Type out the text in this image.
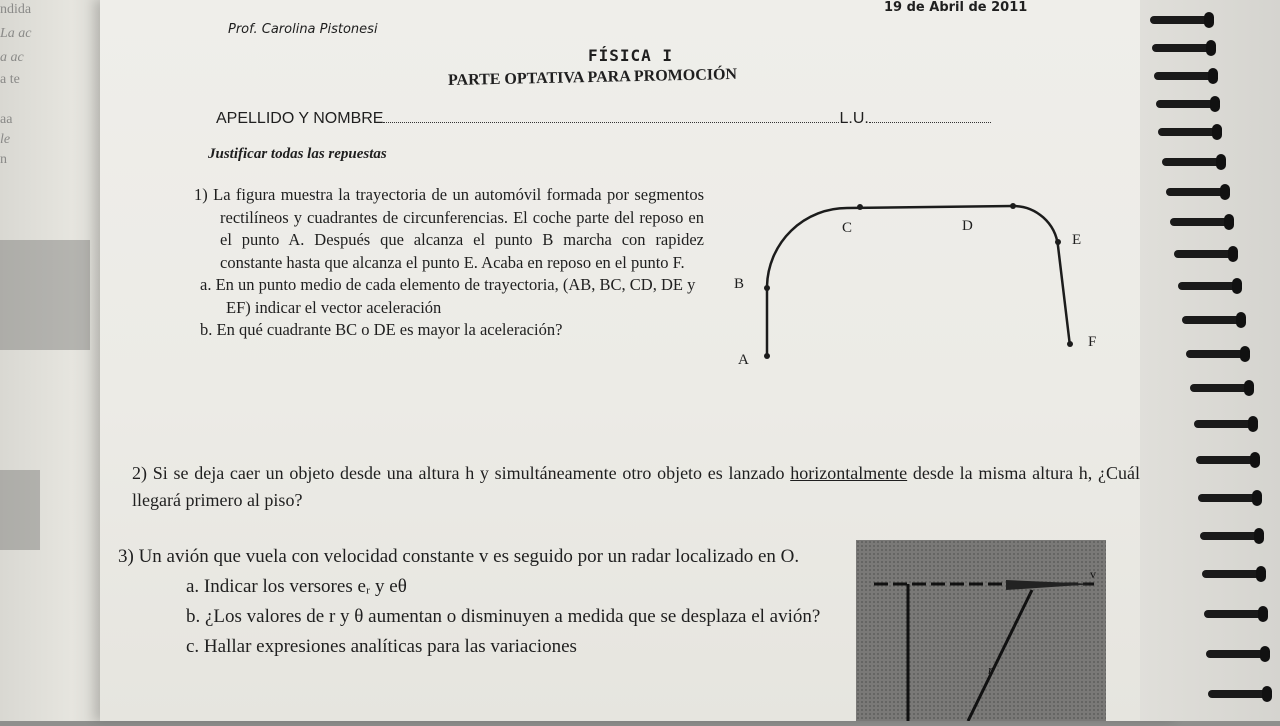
ndida
La ac
a ac
a te
aa
le
n
Prof. Carolina Pistonesi
19 de Abril de 2011
FÍSICA I
PARTE OPTATIVA PARA PROMOCIÓN
APELLIDO Y NOMBRE	L.U.
Justificar todas las repuestas

1) La figura muestra la trayectoria de un automóvil formada por segmentos rectilíneos y cuadrantes de circunferencias. El coche parte del reposo en el punto A. Después que alcanza el punto B marcha con rapidez constante hasta que alcanza el punto E. Acaba en reposo en el punto F.

a. En un punto medio de cada elemento de trayectoria, (AB, BC, CD, DE y EF) indicar el vector aceleración

b. En qué cuadrante BC o DE es mayor la aceleración?

A
B
C	D
E
F
2) Si se deja caer un objeto desde una altura h y simultáneamente otro objeto es lanzado horizontalmente desde la misma altura h, ¿Cuál llegará primero al piso?
3) Un avión que vuela con velocidad constante v es seguido por un radar localizado en O.
a. Indicar los versores eᵣ y eθ
b. ¿Los valores de r y θ aumentan o disminuyen a medida que se desplaza el avión?
c. Hallar expresiones analíticas para las variaciones
v
r
